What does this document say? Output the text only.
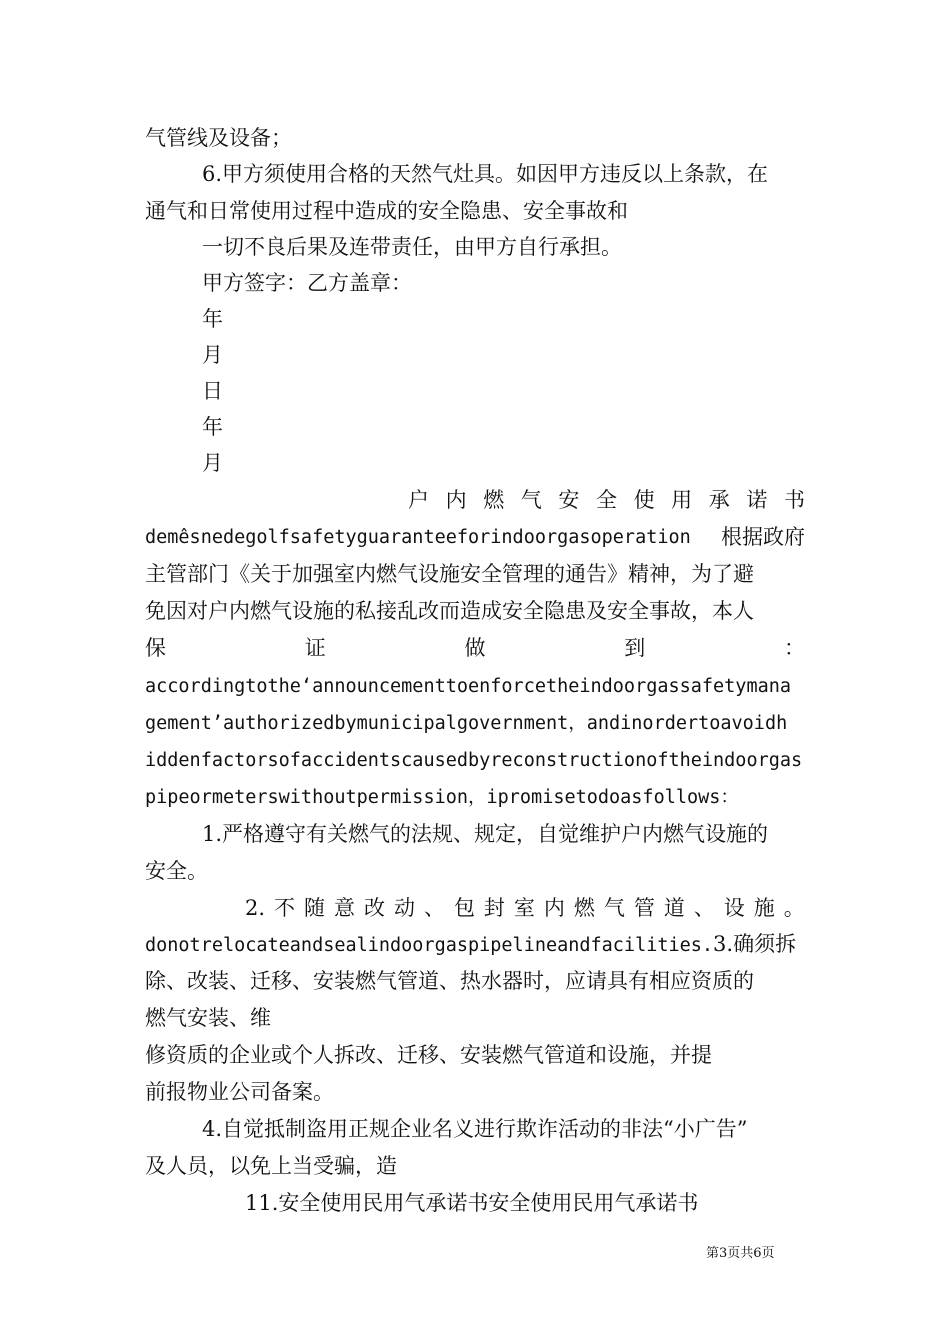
气管线及设备；
6.甲方须使用合格的天然气灶具。如因甲方违反以上条款，在
通气和日常使用过程中造成的安全隐患、安全事故和
一切不良后果及连带责任，由甲方自行承担。
甲方签字：乙方盖章：
年
月
日
年
月
户 内 燃 气 安 全 使 用 承 诺 书
demêsnedegolfsafetyguaranteeforindoorgasoperation 根据政府
主管部门《关于加强室内燃气设施安全管理的通告》精神，为了避
免因对户内燃气设施的私接乱改而造成安全隐患及安全事故，本人
保	证	做	到	：
accordingtothe‘announcementtoenforcetheindoorgassafetymana
gement’authorizedbymunicipalgovernment，andinordertoavoidh
iddenfactorsofaccidentscausedbyreconstructionoftheindoorgas
pipeormeterswithoutpermission，ipromisetodoasfollows：
1.严格遵守有关燃气的法规、规定，自觉维护户内燃气设施的
安全。
2. 不 随 意 改 动 、 包 封 室 内 燃 气 管 道 、 设 施 。
donotrelocateandsealindoorgaspipelineandfacilities.3.确须拆
除、改装、迁移、安装燃气管道、热水器时，应请具有相应资质的
燃气安装、维
修资质的企业或个人拆改、迁移、安装燃气管道和设施，并提
前报物业公司备案。
4.自觉抵制盗用正规企业名义进行欺诈活动的非法“小广告”
及人员，以免上当受骗，造
11.安全使用民用气承诺书安全使用民用气承诺书
第3页共6页
